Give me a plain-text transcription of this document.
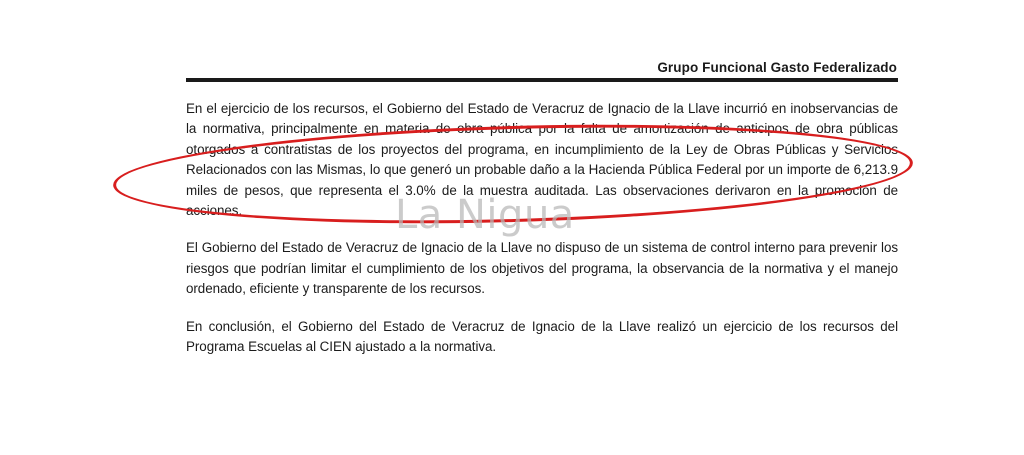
Grupo Funcional Gasto Federalizado

En el ejercicio de los recursos, el Gobierno del Estado de Veracruz de Ignacio de la Llave incurrió en inobservancias de la normativa, principalmente en materia de obra pública por la falta de amortización de anticipos de obra públicas otorgados a contratistas de los proyectos del programa, en incumplimiento de la Ley de Obras Públicas y Servicios Relacionados con las Mismas, lo que generó un probable daño a la Hacienda Pública Federal por un importe de 6,213.9 miles de pesos, que representa el 3.0% de la muestra auditada. Las observaciones derivaron en la promoción de acciones.

El Gobierno del Estado de Veracruz de Ignacio de la Llave no dispuso de un sistema de control interno para prevenir los riesgos que podrían limitar el cumplimiento de los objetivos del programa, la observancia de la normativa y el manejo ordenado, eficiente y transparente de los recursos.

En conclusión, el Gobierno del Estado de Veracruz de Ignacio de la Llave realizó un ejercicio de los recursos del Programa Escuelas al CIEN ajustado a la normativa.

La Nigua
